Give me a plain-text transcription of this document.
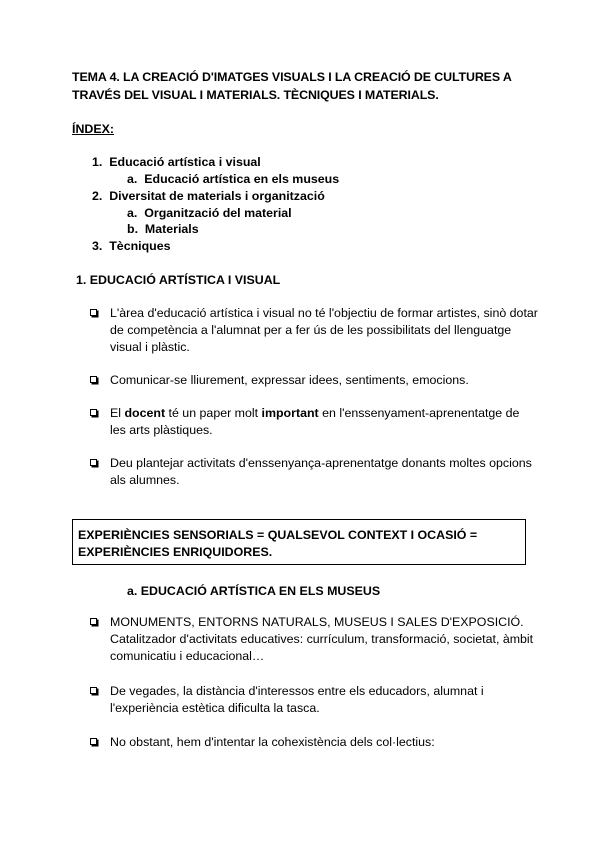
TEMA 4. LA CREACIÓ D'IMATGES VISUALS I LA CREACIÓ DE CULTURES A
TRAVÉS DEL VISUAL I MATERIALS. TÈCNIQUES I MATERIALS.
ÍNDEX:
1. Educació artística i visual
a. Educació artística en els museus
2. Diversitat de materials i organització
a. Organització del material
b. Materials
3. Tècniques
1. EDUCACIÓ ARTÍSTICA I VISUAL
L'àrea d'educació artística i visual no té l'objectiu de formar artistes, sinò dotar
de competència a l'alumnat per a fer ús de les possibilitats del llenguatge
visual i plàstic.
Comunicar-se lliurement, expressar idees, sentiments, emocions.
El docent té un paper molt important en l'enssenyament-aprenentatge de
les arts plàstiques.
Deu plantejar activitats d'enssenyança-aprenentatge donants moltes opcions
als alumnes.
EXPERIÈNCIES SENSORIALS = QUALSEVOL CONTEXT I OCASIÓ =
EXPERIÈNCIES ENRIQUIDORES.
a. EDUCACIÓ ARTÍSTICA EN ELS MUSEUS
MONUMENTS, ENTORNS NATURALS, MUSEUS I SALES D'EXPOSICIÓ.
Catalitzador d'activitats educatives: currículum, transformació, societat, àmbit
comunicatiu i educacional…
De vegades, la distància d'interessos entre els educadors, alumnat i
l'experiència estètica dificulta la tasca.
No obstant, hem d'intentar la cohexistència dels col·lectius:
